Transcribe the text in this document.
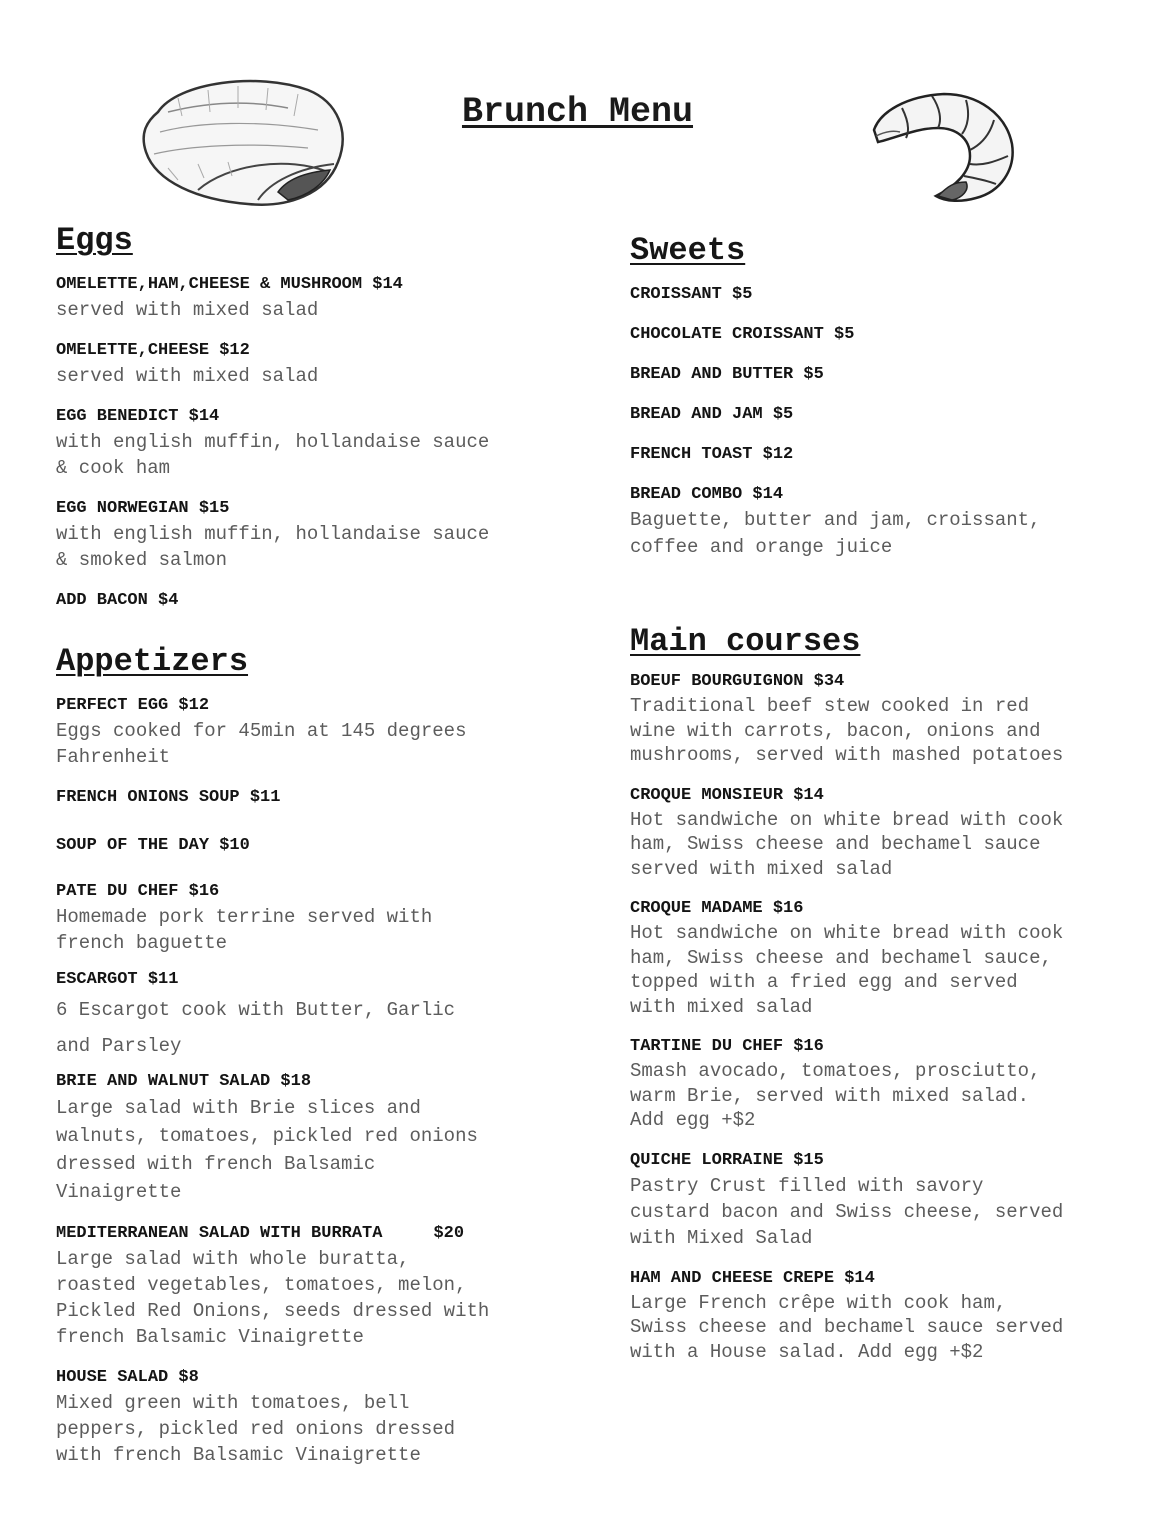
Brunch Menu
Eggs
OMELETTE,HAM,CHEESE & MUSHROOM $14
served with mixed salad
OMELETTE,CHEESE $12
served with mixed salad
EGG BENEDICT $14
with english muffin, hollandaise sauce
& cook ham
EGG NORWEGIAN $15
with english muffin, hollandaise sauce
& smoked salmon
ADD BACON $4
Appetizers
PERFECT EGG $12
Eggs cooked for 45min at 145 degrees
Fahrenheit
FRENCH ONIONS SOUP $11
SOUP OF THE DAY $10
PATE DU CHEF $16
Homemade pork terrine served with
french baguette
ESCARGOT $11
6 Escargot cook with Butter, Garlic
and Parsley
BRIE AND WALNUT SALAD $18
Large salad with Brie slices and
walnuts, tomatoes, pickled red onions
dressed with french Balsamic
Vinaigrette
MEDITERRANEAN SALAD WITH BURRATA     $20
Large salad with whole buratta,
roasted vegetables, tomatoes, melon,
Pickled Red Onions, seeds dressed with
french Balsamic Vinaigrette
HOUSE SALAD $8
Mixed green with tomatoes, bell
peppers, pickled red onions dressed
with french Balsamic Vinaigrette
Sweets
CROISSANT $5
CHOCOLATE CROISSANT $5
BREAD AND BUTTER $5
BREAD AND JAM $5
FRENCH TOAST $12
BREAD COMBO $14
Baguette, butter and jam, croissant,
coffee and orange juice
Main courses
BOEUF BOURGUIGNON $34
Traditional beef stew cooked in red
wine with carrots, bacon, onions and
mushrooms, served with mashed potatoes
CROQUE MONSIEUR $14
Hot sandwiche on white bread with cook
ham, Swiss cheese and bechamel sauce
served with mixed salad
CROQUE MADAME $16
Hot sandwiche on white bread with cook
ham, Swiss cheese and bechamel sauce,
topped with a fried egg and served
with mixed salad
TARTINE DU CHEF $16
Smash avocado, tomatoes, prosciutto,
warm Brie, served with mixed salad.
Add egg +$2
QUICHE LORRAINE $15
Pastry Crust filled with savory
custard bacon and Swiss cheese, served
with Mixed Salad
HAM AND CHEESE CREPE $14
Large French crêpe with cook ham,
Swiss cheese and bechamel sauce served
with a House salad. Add egg +$2
